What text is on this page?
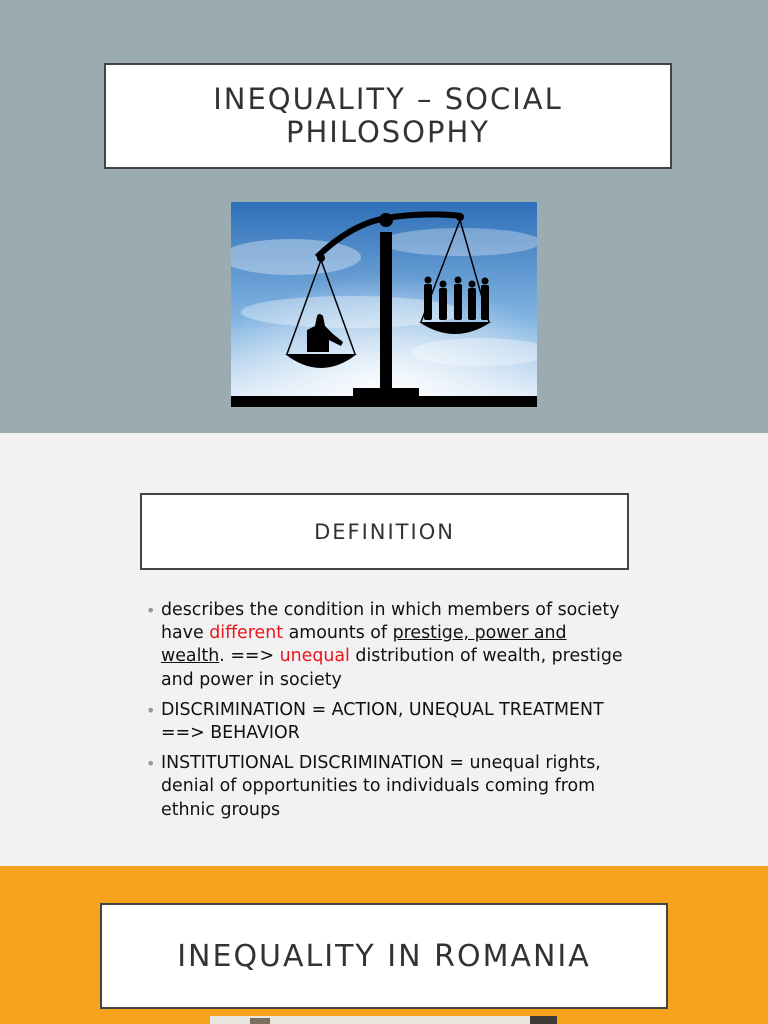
INEQUALITY – SOCIAL PHILOSOPHY
DEFINITION
• describes the condition in which members of society have different amounts of prestige, power and wealth. ==> unequal distribution of wealth, prestige and power in society
• DISCRIMINATION = ACTION, UNEQUAL TREATMENT ==> BEHAVIOR
• INSTITUTIONAL DISCRIMINATION = unequal rights, denial of opportunities to individuals coming from ethnic groups
INEQUALITY IN ROMANIA
